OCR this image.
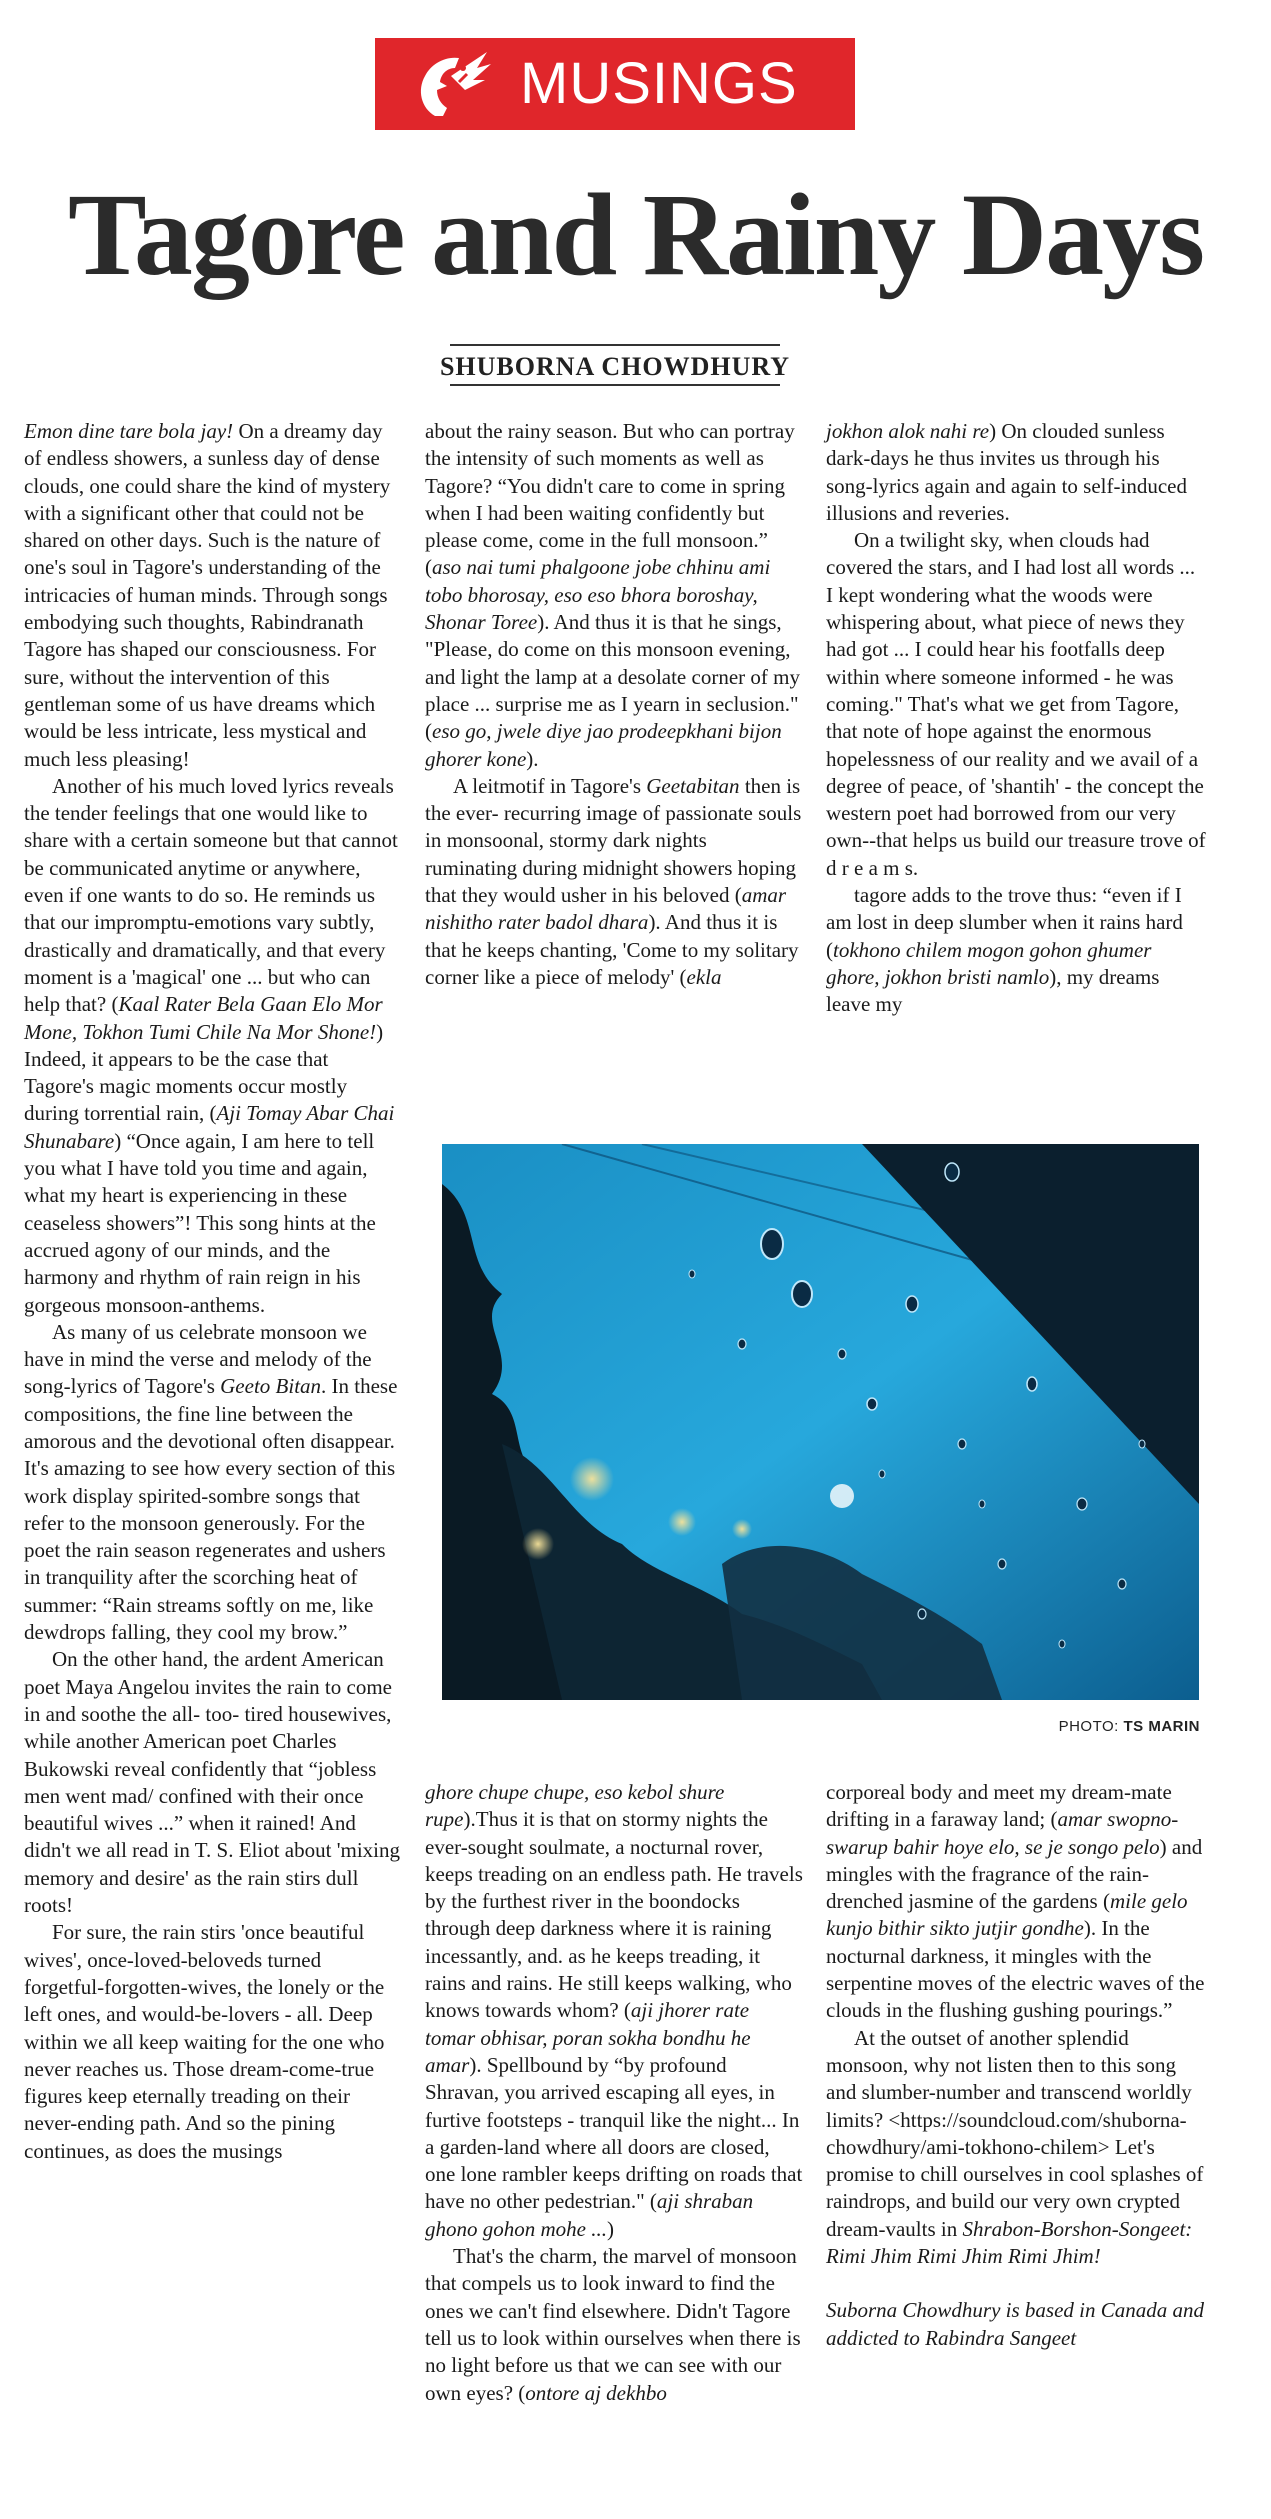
MUSINGS
Tagore and Rainy Days
SHUBORNA CHOWDHURY

Emon dine tare bola jay! On a dreamy day of endless showers, a sunless day of dense clouds, one could share the kind of mystery with a significant other that could not be shared on other days. Such is the nature of one's soul in Tagore's understanding of the intricacies of human minds. Through songs embodying such thoughts, Rabindranath Tagore has shaped our consciousness. For sure, without the intervention of this gentleman some of us have dreams which would be less intricate, less mystical and much less pleasing!

Another of his much loved lyrics reveals the tender feelings that one would like to share with a certain someone but that cannot be communicated anytime or anywhere, even if one wants to do so. He reminds us that our impromptu-emotions vary subtly, drastically and dramatically, and that every moment is a 'magical' one ... but who can help that? (Kaal Rater Bela Gaan Elo Mor Mone, Tokhon Tumi Chile Na Mor Shone!) Indeed, it appears to be the case that Tagore's magic moments occur mostly during torrential rain, (Aji Tomay Abar Chai Shunabare) “Once again, I am here to tell you what I have told you time and again, what my heart is experiencing in these ceaseless showers”! This song hints at the accrued agony of our minds, and the harmony and rhythm of rain reign in his gorgeous monsoon-anthems.

As many of us celebrate monsoon we have in mind the verse and melody of the song-lyrics of Tagore's Geeto Bitan. In these compositions, the fine line between the amorous and the devotional often disappear. It's amazing to see how every section of this work display spirited-sombre songs that refer to the monsoon generously. For the poet the rain season regenerates and ushers in tranquility after the scorching heat of summer: “Rain streams softly on me, like dewdrops falling, they cool my brow.”

On the other hand, the ardent American poet Maya Angelou invites the rain to come in and soothe the all- too- tired housewives, while another American poet Charles Bukowski reveal confidently that “jobless men went mad/ confined with their once beautiful wives ...” when it rained! And didn't we all read in T. S. Eliot about 'mixing memory and desire' as the rain stirs dull roots!

For sure, the rain stirs 'once beautiful wives', once-loved-beloveds turned forgetful-forgotten-wives, the lonely or the left ones, and would-be-lovers - all. Deep within we all keep waiting for the one who never reaches us. Those dream-come-true figures keep eternally treading on their never-ending path. And so the pining continues, as does the musings

about the rainy season. But who can portray the intensity of such moments as well as Tagore? “You didn't care to come in spring when I had been waiting confidently but please come, come in the full monsoon.” (aso nai tumi phalgoone jobe chhinu ami tobo bhorosay, eso eso bhora boroshay, Shonar Toree). And thus it is that he sings, "Please, do come on this monsoon evening, and light the lamp at a desolate corner of my place ... surprise me as I yearn in seclusion." (eso go, jwele diye jao prodeepkhani bijon ghorer kone).

A leitmotif in Tagore's Geetabitan then is the ever- recurring image of passionate souls in monsoonal, stormy dark nights ruminating during midnight showers hoping that they would usher in his beloved (amar nishitho rater badol dhara). And thus it is that he keeps chanting, 'Come to my solitary corner like a piece of melody' (ekla

jokhon alok nahi re) On clouded sunless dark-days he thus invites us through his song-lyrics again and again to self-induced illusions and reveries.

On a twilight sky, when clouds had covered the stars, and I had lost all words ... I kept wondering what the woods were whispering about, what piece of news they had got ... I could hear his footfalls deep within where someone informed - he was coming." That's what we get from Tagore, that note of hope against the enormous hopelessness of our reality and we avail of a degree of peace, of 'shantih' - the concept the western poet had borrowed from our very own--that helps us build our treasure trove of d r e a m s.

tagore adds to the trove thus: “even if I am lost in deep slumber when it rains hard (tokhono chilem mogon gohon ghumer ghore, jokhon bristi namlo), my dreams leave my

PHOTO: TS MARIN

ghore chupe chupe, eso kebol shure rupe).Thus it is that on stormy nights the ever-sought soulmate, a nocturnal rover, keeps treading on an endless path. He travels by the furthest river in the boondocks through deep darkness where it is raining incessantly, and. as he keeps treading, it rains and rains. He still keeps walking, who knows towards whom? (aji jhorer rate tomar obhisar, poran sokha bondhu he amar). Spellbound by “by profound Shravan, you arrived escaping all eyes, in furtive footsteps - tranquil like the night... In a garden-land where all doors are closed, one lone rambler keeps drifting on roads that have no other pedestrian." (aji shraban ghono gohon mohe ...)

That's the charm, the marvel of monsoon that compels us to look inward to find the ones we can't find elsewhere. Didn't Tagore tell us to look within ourselves when there is no light before us that we can see with our own eyes? (ontore aj dekhbo

corporeal body and meet my dream-mate drifting in a faraway land; (amar swopno-swarup bahir hoye elo, se je songo pelo) and mingles with the fragrance of the rain-drenched jasmine of the gardens (mile gelo kunjo bithir sikto jutjir gondhe). In the nocturnal darkness, it mingles with the serpentine moves of the electric waves of the clouds in the flushing gushing pourings.”

At the outset of another splendid monsoon, why not listen then to this song and slumber-number and transcend worldly limits? <https://soundcloud.com/shuborna-chowdhury/ami-tokhono-chilem> Let's promise to chill ourselves in cool splashes of raindrops, and build our very own crypted dream-vaults in Shrabon-Borshon-Songeet: Rimi Jhim Rimi Jhim Rimi Jhim!

Suborna Chowdhury is based in Canada and addicted to Rabindra Sangeet
